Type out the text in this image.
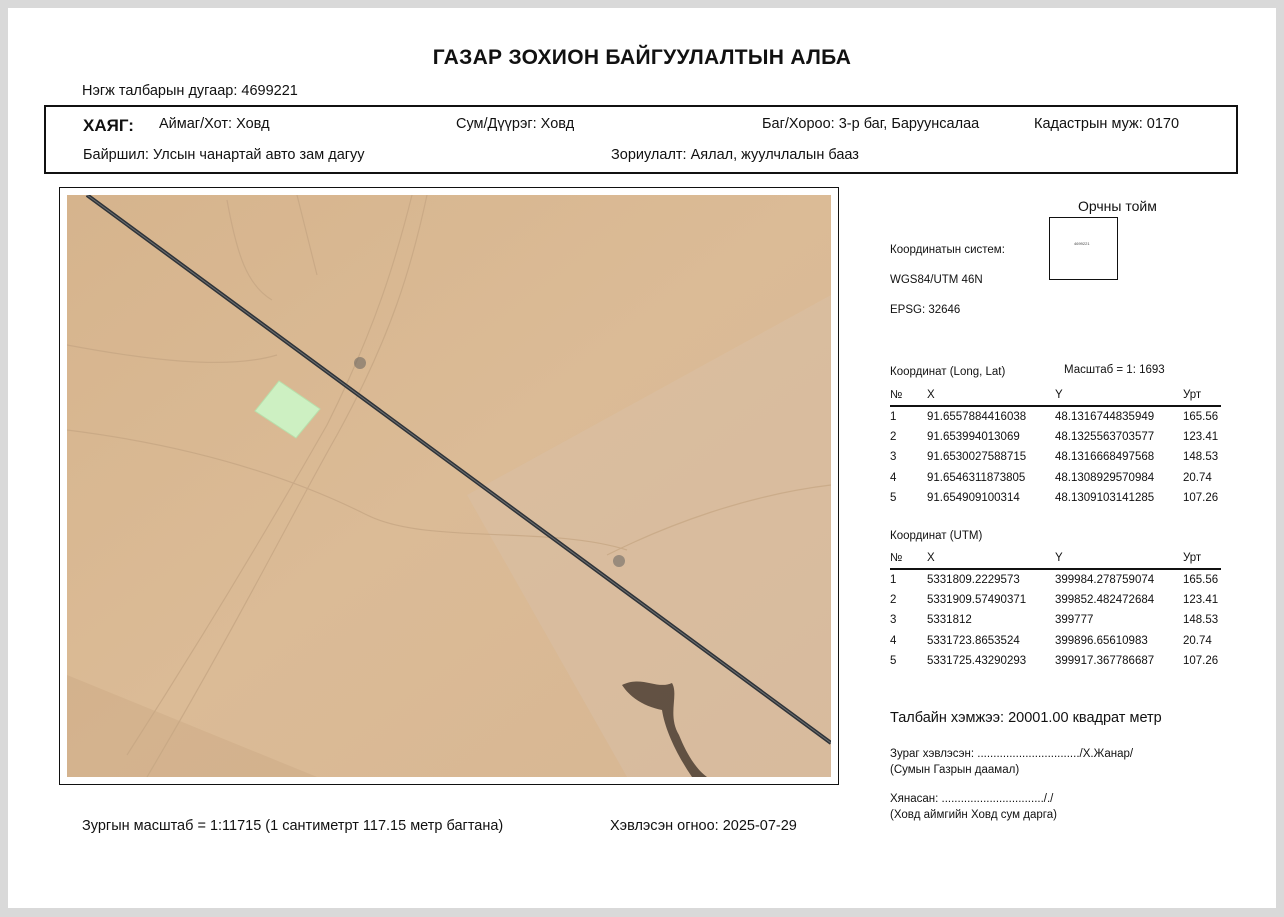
ГАЗАР ЗОХИОН БАЙГУУЛАЛТЫН АЛБА
Нэгж талбарын дугаар: 4699221
ХАЯГ: Аймаг/Хот: Ховд	Сум/Дүүрэг: Ховд	Баг/Хороо: 3-р баг, Баруунсалаа	Кадастрын муж: 0170
Байршил: Улсын чанартай авто зам дагуу	Зориулалт: Аялал, жуулчлалын бааз
Зургын масштаб = 1:11715 (1 сантиметрт 117.15 метр багтана)	Хэвлэсэн огноо: 2025-07-29
Орчны тойм
4699221
Координатын систем:
WGS84/UTM 46N
EPSG: 32646
Координат (Long, Lat)	Масштаб = 1: 1693
№	X	Y	Урт
1	91.6557884416038	48.1316744835949	165.56
2	91.653994013069	48.1325563703577	123.41
3	91.6530027588715	48.1316668497568	148.53
4	91.6546311873805	48.1308929570984	20.74
5	91.654909100314	48.1309103141285	107.26
Координат (UTM)
№	X	Y	Урт
1	5331809.2229573	399984.278759074	165.56
2	5331909.57490371	399852.482472684	123.41
3	5331812	399777	148.53
4	5331723.8653524	399896.65610983	20.74
5	5331725.43290293	399917.367786687	107.26
Талбайн хэмжээ: 20001.00 квадрат метр
Зураг хэвлэсэн: ................................/Х.Жанар/
(Сумын Газрын даамал)
Хянасан: ...............................././
(Ховд аймгийн Ховд сум дарга)
